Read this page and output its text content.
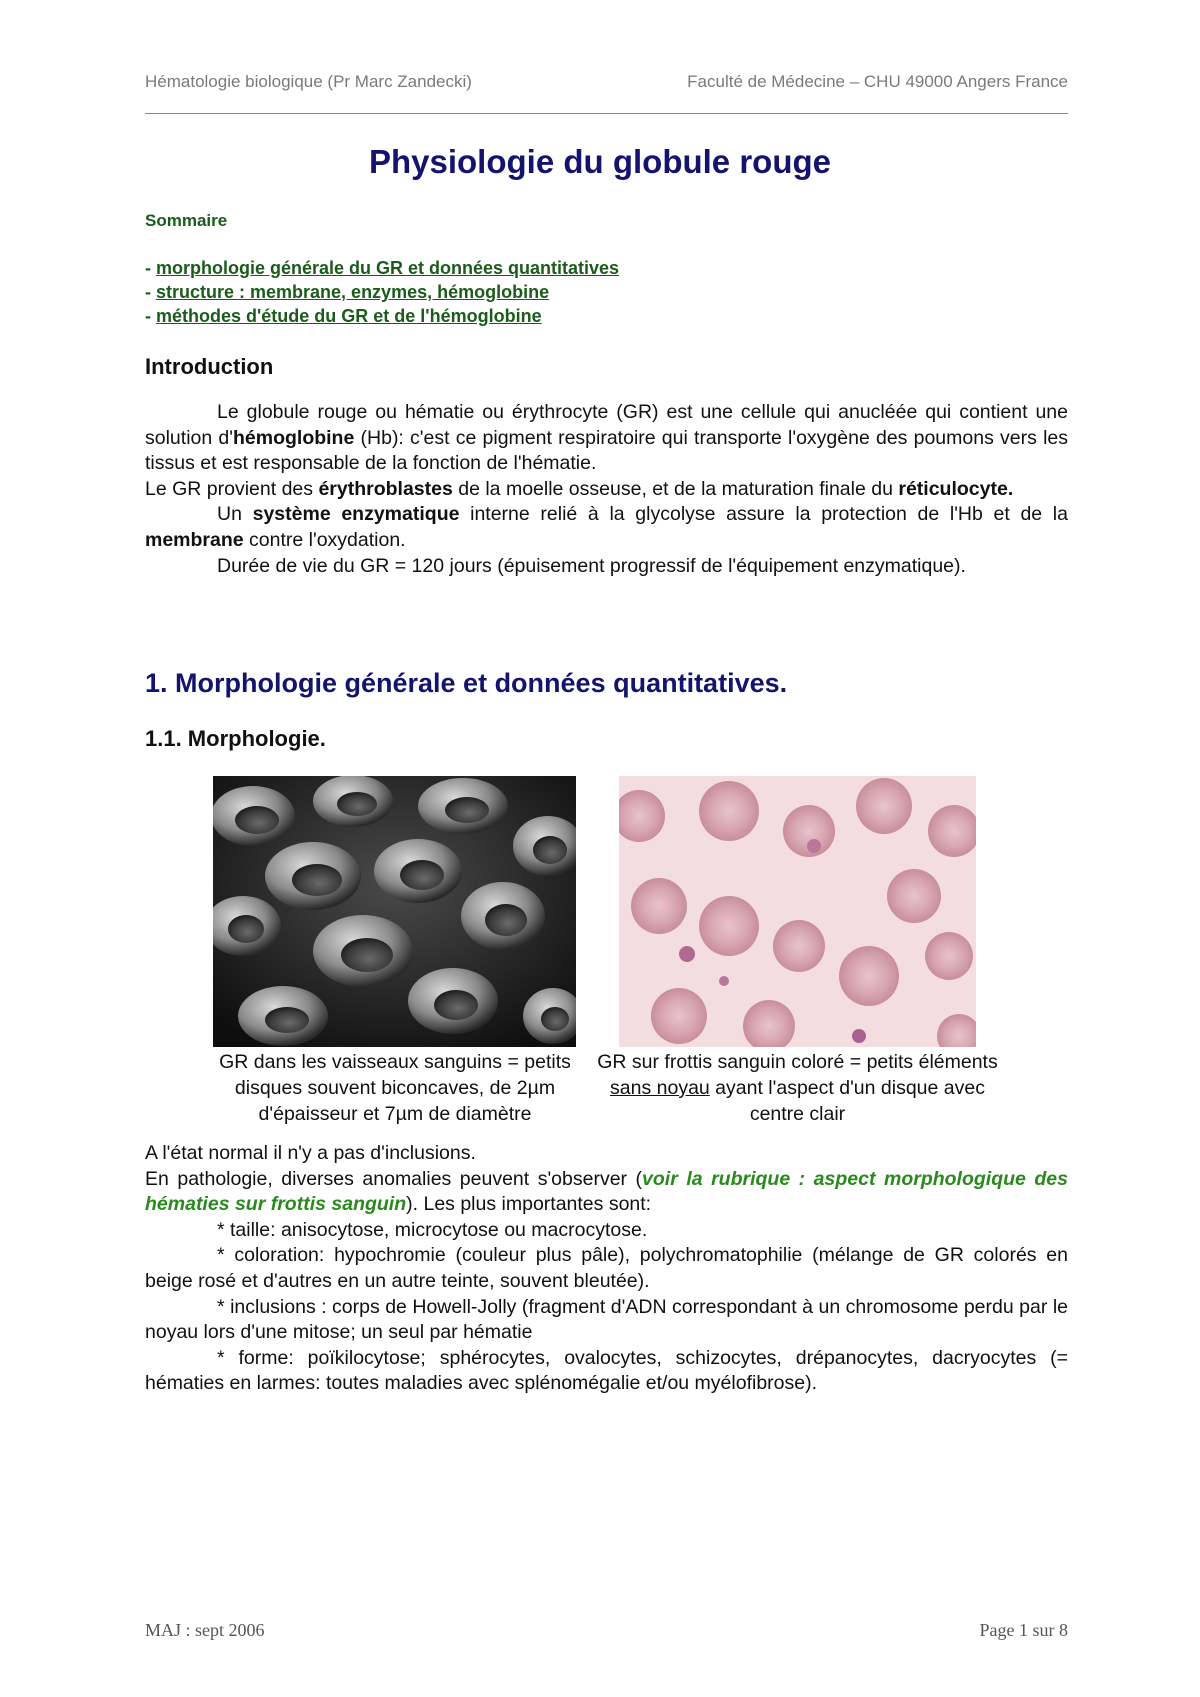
Hématologie biologique (Pr Marc Zandecki)	Faculté de Médecine – CHU 49000 Angers France
Physiologie du globule rouge
Sommaire
- morphologie générale du GR et données quantitatives
- structure : membrane, enzymes, hémoglobine
- méthodes d'étude du GR et de l'hémoglobine
Introduction

Le globule rouge ou hématie ou érythrocyte (GR) est une cellule qui anucléée qui contient une solution d'hémoglobine (Hb): c'est ce pigment respiratoire qui transporte l'oxygène des poumons vers les tissus et est responsable de la fonction de l'hématie.

Le GR provient des érythroblastes de la moelle osseuse, et de la maturation finale du réticulocyte.

Un système enzymatique interne relié à la glycolyse assure la protection de l'Hb et de la membrane contre l'oxydation.

Durée de vie du GR = 120 jours (épuisement progressif de l'équipement enzymatique).

1. Morphologie générale et données quantitatives.
1.1. Morphologie.
GR dans les vaisseaux sanguins = petits disques souvent biconcaves, de 2µm d'épaisseur et 7µm de diamètre
GR sur frottis sanguin coloré = petits éléments sans noyau ayant l'aspect d'un disque avec centre clair

A l'état normal il n'y a pas d'inclusions.

En pathologie, diverses anomalies peuvent s'observer (voir la rubrique : aspect morphologique des hématies sur frottis sanguin). Les plus importantes sont:

* taille: anisocytose, microcytose ou macrocytose.

* coloration: hypochromie (couleur plus pâle), polychromatophilie (mélange de GR colorés en beige rosé et d'autres en un autre teinte, souvent bleutée).

* inclusions : corps de Howell-Jolly (fragment d'ADN correspondant à un chromosome perdu par le noyau lors d'une mitose; un seul par hématie

* forme: poïkilocytose; sphérocytes, ovalocytes, schizocytes, drépanocytes, dacryocytes (= hématies en larmes: toutes maladies avec splénomégalie et/ou myélofibrose).

MAJ : sept 2006	Page 1 sur 8
